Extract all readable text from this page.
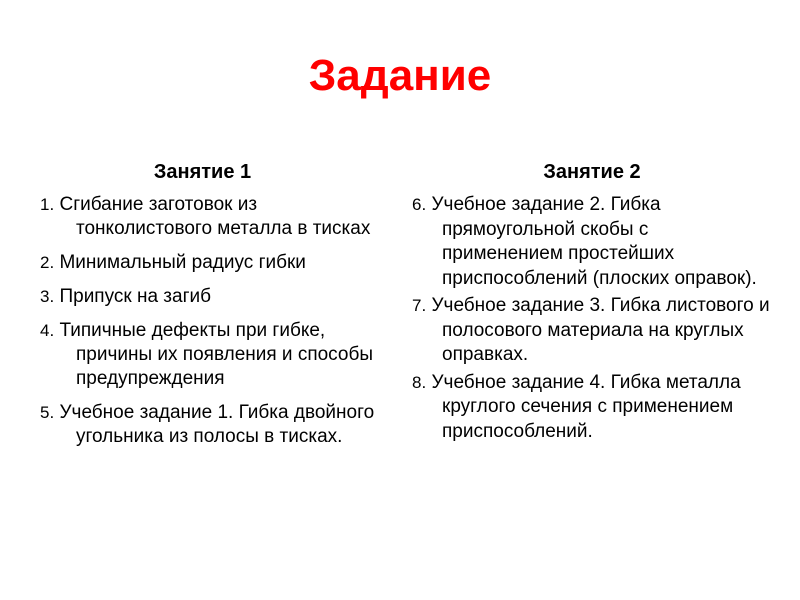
Задание
Занятие 1
1. Сгибание заготовок из тонколистового металла в тисках
2. Минимальный радиус гибки
3. Припуск на загиб
4. Типичные дефекты при гибке, причины их появления и способы предупреждения
5. Учебное задание 1. Гибка двойного угольника из полосы в тисках.
Занятие 2
6. Учебное задание 2. Гибка прямоугольной скобы с применением простейших приспособлений (плоских оправок).
7. Учебное задание 3. Гибка листового и полосового материала на круглых оправках.
8. Учебное задание 4. Гибка металла круглого сечения с применением приспособлений.
